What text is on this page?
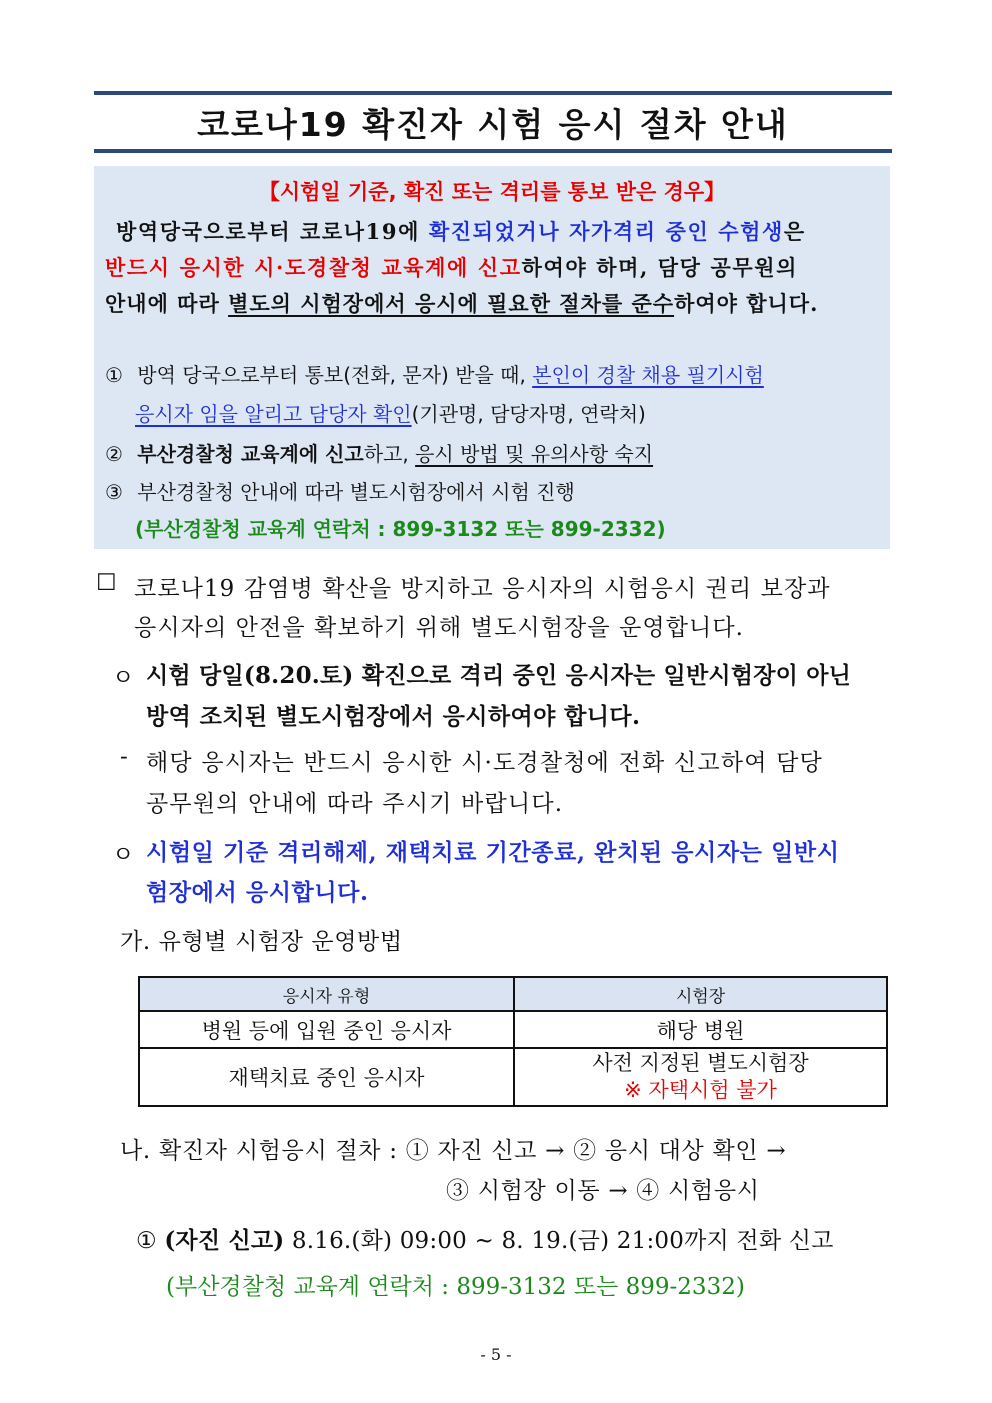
코로나19 확진자 시험 응시 절차 안내
【시험일 기준, 확진 또는 격리를 통보 받은 경우】
방역당국으로부터 코로나19에 확진되었거나 자가격리 중인 수험생은
반드시 응시한 시·도경찰청 교육계에 신고하여야 하며, 담당 공무원의
안내에 따라 별도의 시험장에서 응시에 필요한 절차를 준수하여야 합니다.
① 방역 당국으로부터 통보(전화, 문자) 받을 때, 본인이 경찰 채용 필기시험
응시자 임을 알리고 담당자 확인(기관명, 담당자명, 연락처)
② 부산경찰청 교육계에 신고하고, 응시 방법 및 유의사항 숙지
③ 부산경찰청 안내에 따라 별도시험장에서 시험 진행
(부산경찰청 교육계 연락처 : 899-3132 또는 899-2332)
☐ 코로나19 감염병 확산을 방지하고 응시자의 시험응시 권리 보장과
응시자의 안전을 확보하기 위해 별도시험장을 운영합니다.
ㅇ 시험 당일(8.20.토) 확진으로 격리 중인 응시자는 일반시험장이 아닌
방역 조치된 별도시험장에서 응시하여야 합니다.
- 해당 응시자는 반드시 응시한 시·도경찰청에 전화 신고하여 담당
공무원의 안내에 따라 주시기 바랍니다.
ㅇ 시험일 기준 격리해제, 재택치료 기간종료, 완치된 응시자는 일반시
험장에서 응시합니다.
가. 유형별 시험장 운영방법
응시자 유형	시험장
병원 등에 입원 중인 응시자	해당 병원
재택치료 중인 응시자	사전 지정된 별도시험장
※ 자택시험 불가
나. 확진자 시험응시 절차 : ① 자진 신고 → ② 응시 대상 확인 →
③ 시험장 이동 → ④ 시험응시
① (자진 신고) 8.16.(화) 09:00 ~ 8. 19.(금) 21:00까지 전화 신고
(부산경찰청 교육계 연락처 : 899-3132 또는 899-2332)
- 5 -
